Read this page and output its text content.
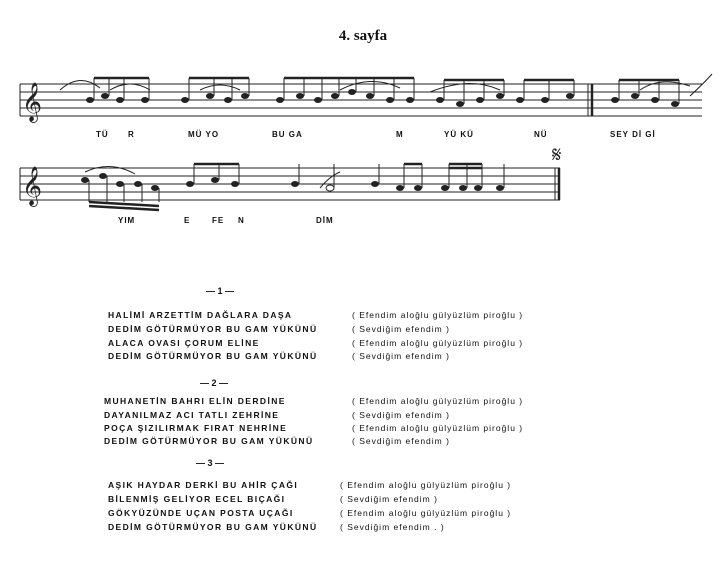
4. sayfa
𝄞
𝄞
𝄋
TÜ R	MÜ YO	BU GA	M	YÜ KÜ	NÜ	SEY Dİ Gİ
YIM	E	FE N	DİM
— 1 —
HALİMİ ARZETTİM DAĞLARA DAŞA	( Efendim aloğlu gülyüzlüm piroğlu )
DEDİM GÖTÜRMÜYOR BU GAM YÜKÜNÜ	( Sevdiğim efendim )
ALACA OVASI ÇORUM ELİNE	( Efendim aloğlu gülyüzlüm piroğlu )
DEDİM GÖTÜRMÜYOR BU GAM YÜKÜNÜ	( Sevdiğim efendim )
— 2 —
MUHANETİN BAHRI ELİN DERDİNE	( Efendim aloğlu gülyüzlüm piroğlu )
DAYANILMAZ ACI TATLI ZEHRİNE	( Sevdiğim efendim )
POÇA ŞIZILIRMAK FIRAT NEHRİNE	( Efendim aloğlu gülyüzlüm piroğlu )
DEDİM GÖTÜRMÜYOR BU GAM YÜKÜNÜ	( Sevdiğim efendim )
— 3 —
AŞIK HAYDAR DERKİ BU AHİR ÇAĞI	( Efendim aloğlu gülyüzlüm piroğlu )
BİLENMİŞ GELİYOR ECEL BIÇAĞI	( Sevdiğim efendim )
GÖKYÜZÜNDE UÇAN POSTA UÇAĞI	( Efendim aloğlu gülyüzlüm piroğlu )
DEDİM GÖTÜRMÜYOR BU GAM YÜKÜNÜ	( Sevdiğim efendim . )
